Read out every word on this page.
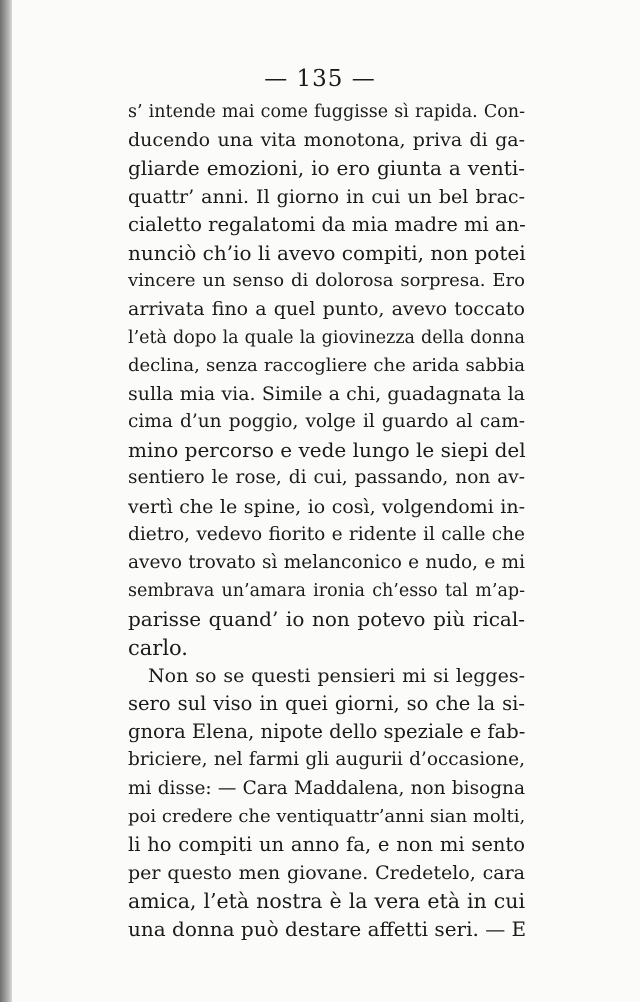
— 135 —
s’ intende mai come fuggisse sì rapida. Con-
ducendo una vita monotona, priva di ga-
gliarde emozioni, io ero giunta a venti-
quattr’ anni. Il giorno in cui un bel brac-
cialetto regalatomi da mia madre mi an-
nunciò ch’io li avevo compiti, non potei
vincere un senso di dolorosa sorpresa. Ero
arrivata fino a quel punto, avevo toccato
l’età dopo la quale la giovinezza della donna
declina, senza raccogliere che arida sabbia
sulla mia via. Simile a chi, guadagnata la
cima d’un poggio, volge il guardo al cam-
mino percorso e vede lungo le siepi del
sentiero le rose, di cui, passando, non av-
vertì che le spine, io così, volgendomi in-
dietro, vedevo fiorito e ridente il calle che
avevo trovato sì melanconico e nudo, e mi
sembrava un’amara ironia ch’esso tal m’ap-
parisse quand’ io non potevo più rical-
carlo.
Non so se questi pensieri mi si legges-
sero sul viso in quei giorni, so che la si-
gnora Elena, nipote dello speziale e fab-
briciere, nel farmi gli augurii d’occasione,
mi disse: — Cara Maddalena, non bisogna
poi credere che ventiquattr’anni sian molti,
li ho compiti un anno fa, e non mi sento
per questo men giovane. Credetelo, cara
amica, l’età nostra è la vera età in cui
una donna può destare affetti seri. — E
